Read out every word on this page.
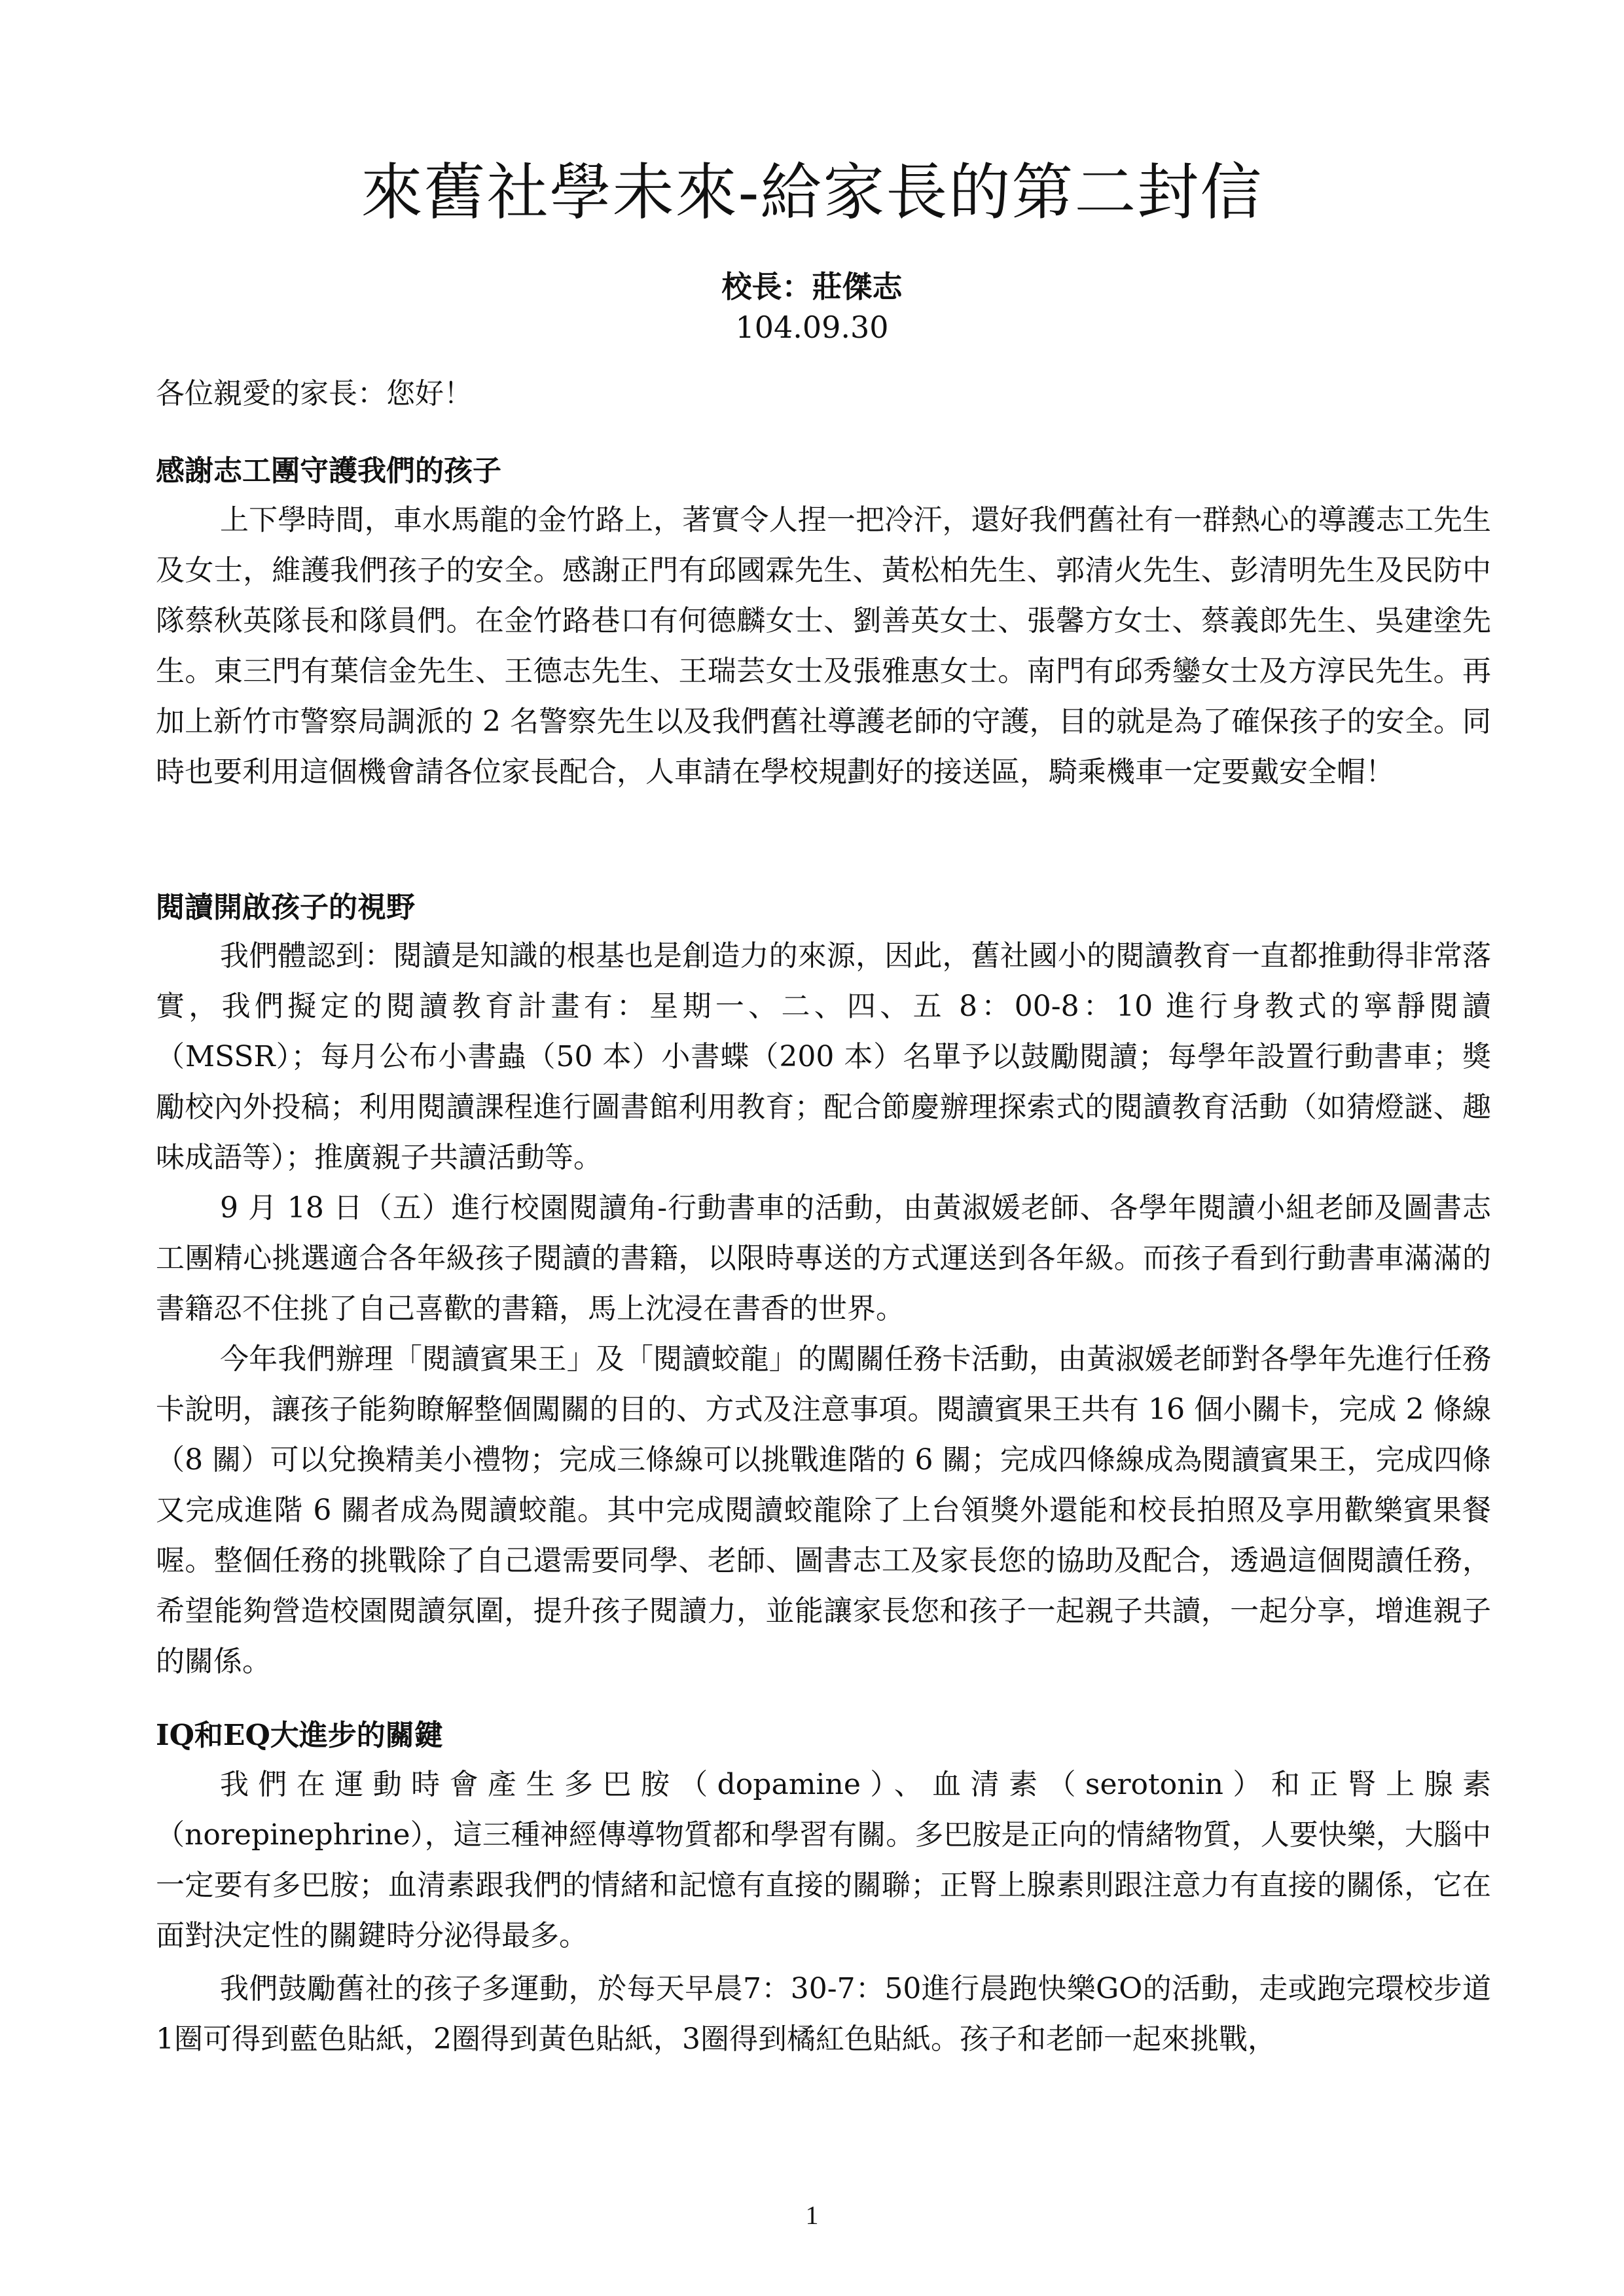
來舊社學未來-給家長的第二封信

校長：莊傑志

104.09.30

各位親愛的家長：您好！

感謝志工團守護我們的孩子

上下學時間，車水馬龍的金竹路上，著實令人捏一把冷汗，還好我們舊社有一群熱心的導護志工先生及女士，維護我們孩子的安全。感謝正門有邱國霖先生、黃松柏先生、郭清火先生、彭清明先生及民防中隊蔡秋英隊長和隊員們。在金竹路巷口有何德麟女士、劉善英女士、張馨方女士、蔡義郎先生、吳建塗先生。東三門有葉信金先生、王德志先生、王瑞芸女士及張雅惠女士。南門有邱秀鑾女士及方淳民先生。再加上新竹市警察局調派的 2 名警察先生以及我們舊社導護老師的守護，目的就是為了確保孩子的安全。同時也要利用這個機會請各位家長配合，人車請在學校規劃好的接送區，騎乘機車一定要戴安全帽！

閱讀開啟孩子的視野

我們體認到：閱讀是知識的根基也是創造力的來源，因此，舊社國小的閱讀教育一直都推動得非常落實，我們擬定的閱讀教育計畫有：星期一、二、四、五 8：00-8：10 進行身教式的寧靜閱讀（MSSR）；每月公布小書蟲（50 本）小書蝶（200 本）名單予以鼓勵閱讀；每學年設置行動書車；獎勵校內外投稿；利用閱讀課程進行圖書館利用教育；配合節慶辦理探索式的閱讀教育活動（如猜燈謎、趣味成語等）；推廣親子共讀活動等。

9 月 18 日（五）進行校園閱讀角-行動書車的活動，由黃淑媛老師、各學年閱讀小組老師及圖書志工團精心挑選適合各年級孩子閱讀的書籍，以限時專送的方式運送到各年級。而孩子看到行動書車滿滿的書籍忍不住挑了自己喜歡的書籍，馬上沈浸在書香的世界。

今年我們辦理「閱讀賓果王」及「閱讀蛟龍」的闖關任務卡活動，由黃淑媛老師對各學年先進行任務卡說明，讓孩子能夠瞭解整個闖關的目的、方式及注意事項。閱讀賓果王共有 16 個小關卡，完成 2 條線（8 關）可以兌換精美小禮物；完成三條線可以挑戰進階的 6 關；完成四條線成為閱讀賓果王，完成四條又完成進階 6 關者成為閱讀蛟龍。其中完成閱讀蛟龍除了上台領獎外還能和校長拍照及享用歡樂賓果餐喔。整個任務的挑戰除了自己還需要同學、老師、圖書志工及家長您的協助及配合，透過這個閱讀任務，希望能夠營造校園閱讀氛圍，提升孩子閱讀力，並能讓家長您和孩子一起親子共讀，一起分享，增進親子的關係。

IQ和EQ大進步的關鍵

我們在運動時會產生多巴胺（dopamine）、血清素（serotonin）和正腎上腺素（norepinephrine），這三種神經傳導物質都和學習有關。多巴胺是正向的情緒物質，人要快樂，大腦中一定要有多巴胺；血清素跟我們的情緒和記憶有直接的關聯；正腎上腺素則跟注意力有直接的關係，它在面對決定性的關鍵時分泌得最多。

我們鼓勵舊社的孩子多運動，於每天早晨7：30-7：50進行晨跑快樂GO的活動，走或跑完環校步道1圈可得到藍色貼紙，2圈得到黃色貼紙，3圈得到橘紅色貼紙。孩子和老師一起來挑戰，

1
